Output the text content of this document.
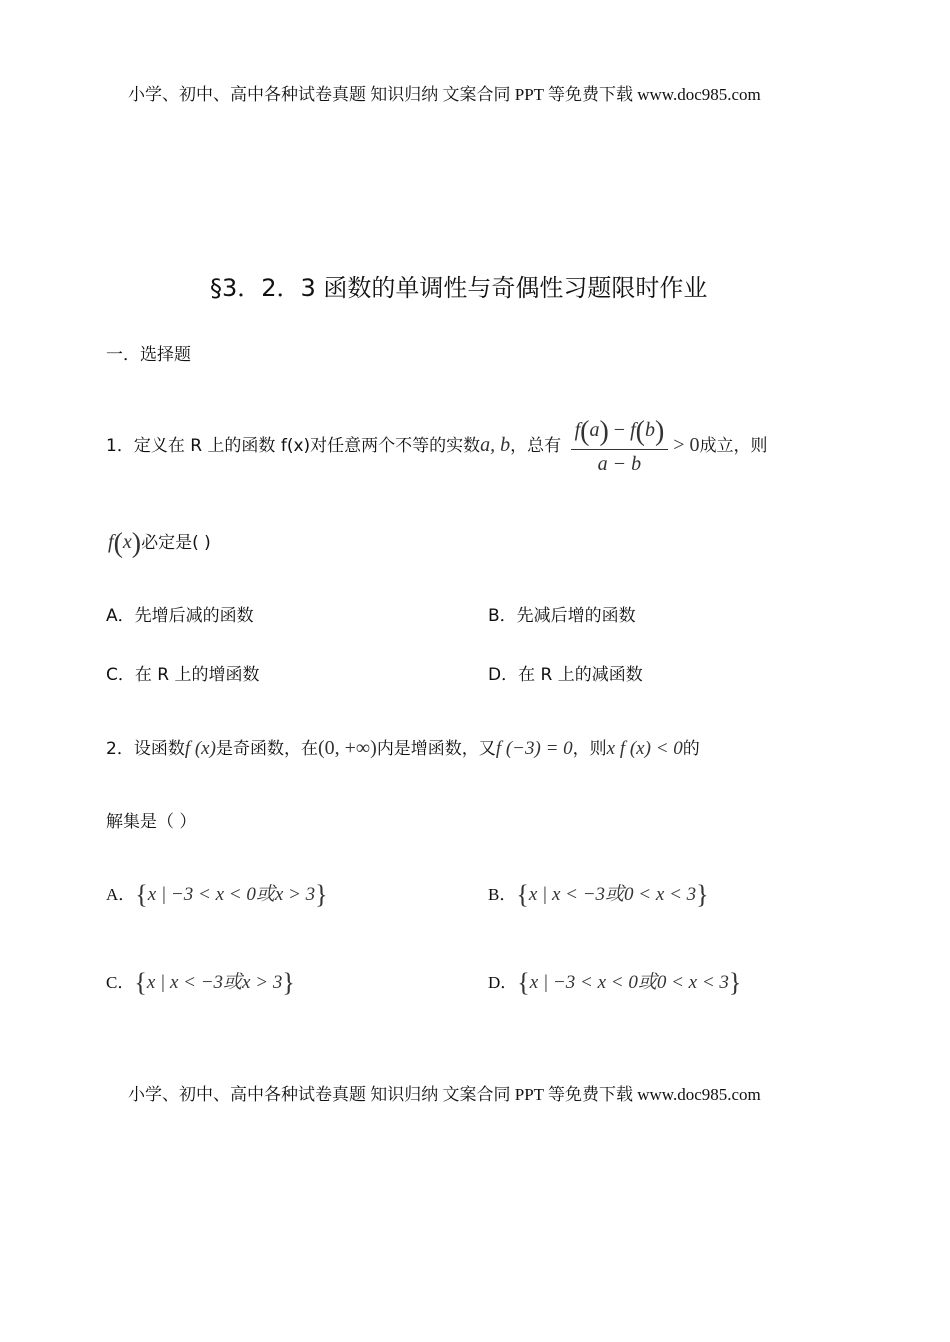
小学、初中、高中各种试卷真题 知识归纳 文案合同 PPT 等免费下载 www.doc985.com
§3．2．3 函数的单调性与奇偶性习题限时作业
一．选择题
1．定义在 R 上的函数 f(x)对任意两个不等的实数a, b，总有 $\frac{f(a) - f(b)}{a - b} > 0$成立，则
f(x)必定是( )
A．先增后减的函数	B．先减后增的函数
C．在 R 上的增函数	D．在 R 上的减函数
2．设函数f (x)是奇函数，在(0, +∞)内是增函数，又f (−3) = 0，则x f (x) < 0的
解集是（ ）
A．{x | −3 < x < 0或x > 3}	B．{x | x < −3或0 < x < 3}
C．{x | x < −3或x > 3}	D．{x | −3 < x < 0或0 < x < 3}
小学、初中、高中各种试卷真题 知识归纳 文案合同 PPT 等免费下载 www.doc985.com
